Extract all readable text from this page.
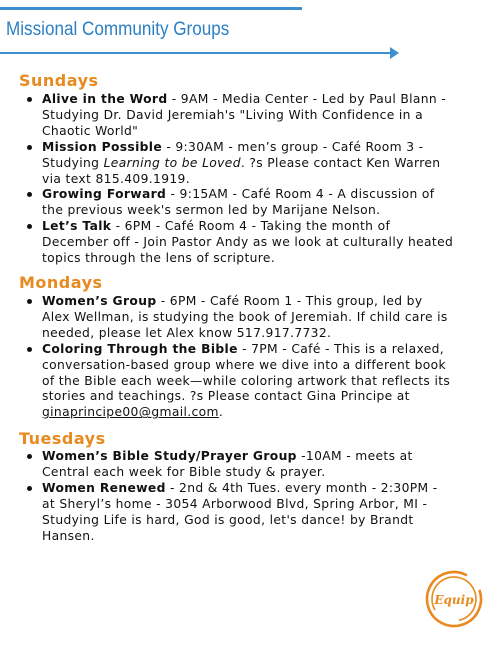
Missional Community Groups
Sundays
Alive in the Word - 9AM - Media Center - Led by Paul Blann - Studying Dr. David Jeremiah's "Living With Confidence in a Chaotic World"
Mission Possible - 9:30AM - men’s group - Café Room 3 - Studying Learning to be Loved. ?s Please contact Ken Warren via text 815.409.1919.
Growing Forward - 9:15AM - Café Room 4 - A discussion of the previous week's sermon led by Marijane Nelson.
Let’s Talk - 6PM - Café Room 4 - Taking the month of December off - Join Pastor Andy as we look at culturally heated topics through the lens of scripture.
Mondays
Women’s Group - 6PM - Café Room 1 - This group, led by Alex Wellman, is studying the book of Jeremiah. If child care is needed, please let Alex know 517.917.7732.
Coloring Through the Bible - 7PM - Café - This is a relaxed, conversation-based group where we dive into a different book of the Bible each week—while coloring artwork that reflects its stories and teachings. ?s Please contact Gina Principe at ginaprincipe00@gmail.com.
Tuesdays
Women’s Bible Study/Prayer Group -10AM - meets at Central each week for Bible study & prayer.
Women Renewed - 2nd & 4th Tues. every month - 2:30PM - at Sheryl’s home - 3054 Arborwood Blvd, Spring Arbor, MI - Studying Life is hard, God is good, let's dance! by Brandt Hansen.
Equip
